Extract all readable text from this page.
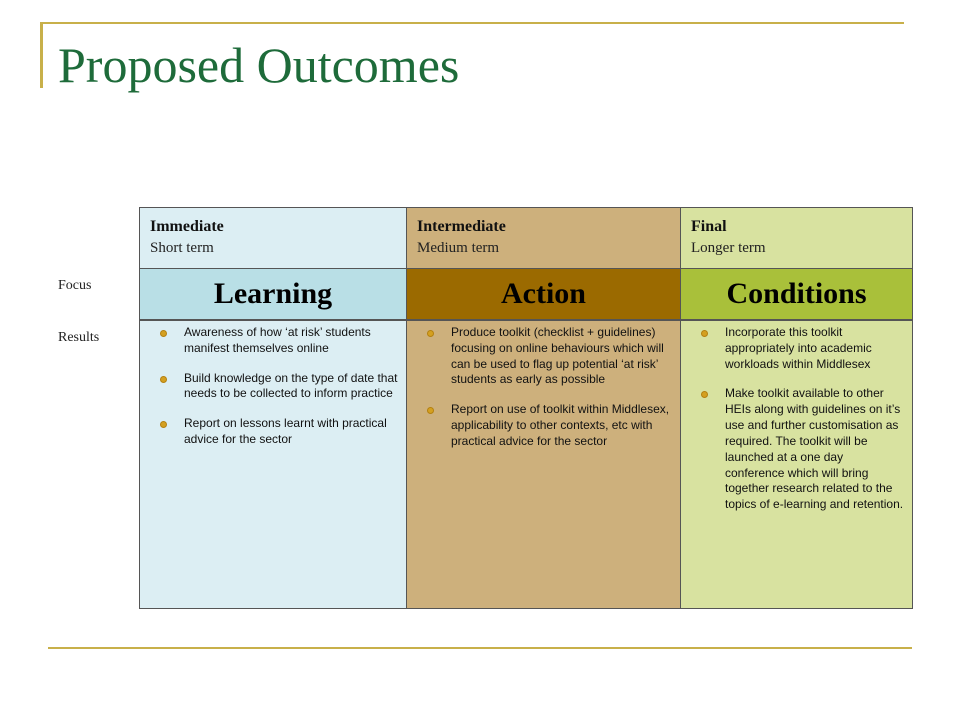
Proposed Outcomes
Focus
Results
Immediate
Short term
Intermediate
Medium term
Final
Longer term
Learning	Action	Conditions
Awareness of how ‘at risk’ students manifest themselves online
Build knowledge on the type of date that needs to be collected to inform practice
Report on lessons learnt with practical advice for the sector
Produce toolkit (checklist + guidelines) focusing on online behaviours which will can be used to flag up potential ‘at risk’ students as early as possible
Report on use of toolkit within Middlesex, applicability to other contexts, etc with practical advice for the sector
Incorporate this toolkit appropriately into academic workloads within Middlesex
Make toolkit available to other HEIs along with guidelines on it’s use and further customisation as required. The toolkit will be launched at a one day conference which will bring together research related to the topics of e-learning and retention.
